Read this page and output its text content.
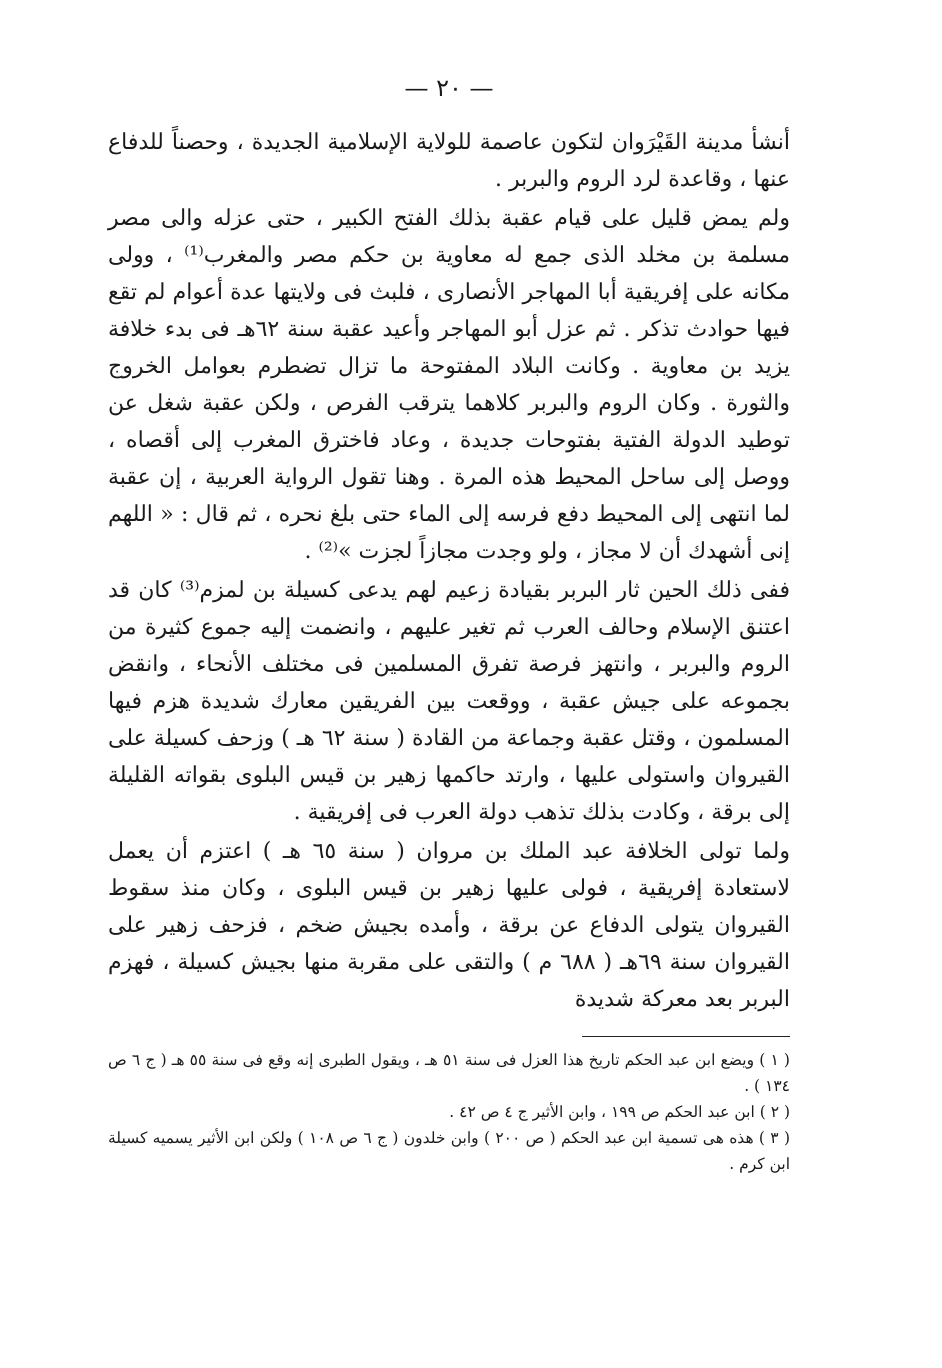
— ٢٠ —

أنشأ مدينة القَيْرَوان لتكون عاصمة للولاية الإسلامية الجديدة ، وحصناً للدفاع عنها ، وقاعدة لرد الروم والبربر .

ولم يمض قليل على قيام عقبة بذلك الفتح الكبير ، حتى عزله والى مصر مسلمة بن مخلد الذى جمع له معاوية بن حكم مصر والمغرب⁽¹⁾ ، وولى مكانه على إفريقية أبا المهاجر الأنصارى ، فلبث فى ولايتها عدة أعوام لم تقع فيها حوادث تذكر . ثم عزل أبو المهاجر وأعيد عقبة سنة ٦٢هـ فى بدء خلافة يزيد بن معاوية . وكانت البلاد المفتوحة ما تزال تضطرم بعوامل الخروج والثورة . وكان الروم والبربر كلاهما يترقب الفرص ، ولكن عقبة شغل عن توطيد الدولة الفتية بفتوحات جديدة ، وعاد فاخترق المغرب إلى أقصاه ، ووصل إلى ساحل المحيط هذه المرة . وهنا تقول الرواية العربية ، إن عقبة لما انتهى إلى المحيط دفع فرسه إلى الماء حتى بلغ نحره ، ثم قال : « اللهم إنى أشهدك أن لا مجاز ، ولو وجدت مجازاً لجزت »⁽²⁾ .

ففى ذلك الحين ثار البربر بقيادة زعيم لهم يدعى كسيلة بن لمزم⁽³⁾ كان قد اعتنق الإسلام وحالف العرب ثم تغير عليهم ، وانضمت إليه جموع كثيرة من الروم والبربر ، وانتهز فرصة تفرق المسلمين فى مختلف الأنحاء ، وانقض بجموعه على جيش عقبة ، ووقعت بين الفريقين معارك شديدة هزم فيها المسلمون ، وقتل عقبة وجماعة من القادة ( سنة ٦٢ هـ ) وزحف كسيلة على القيروان واستولى عليها ، وارتد حاكمها زهير بن قيس البلوى بقواته القليلة إلى برقة ، وكادت بذلك تذهب دولة العرب فى إفريقية .

ولما تولى الخلافة عبد الملك بن مروان ( سنة ٦٥ هـ ) اعتزم أن يعمل لاستعادة إفريقية ، فولى عليها زهير بن قيس البلوى ، وكان منذ سقوط القيروان يتولى الدفاع عن برقة ، وأمده بجيش ضخم ، فزحف زهير على القيروان سنة ٦٩هـ ( ٦٨٨ م ) والتقى على مقربة منها بجيش كسيلة ، فهزم البربر بعد معركة شديدة

( ١ ) ويضع ابن عبد الحكم تاريخ هذا العزل فى سنة ٥١ هـ ، ويقول الطبرى إنه وقع فى سنة ٥٥ هـ ( ج ٦ ص ١٣٤ ) .

( ٢ ) ابن عبد الحكم ص ١٩٩ ، وابن الأثير ج ٤ ص ٤٢ .

( ٣ ) هذه هى تسمية ابن عبد الحكم ( ص ٢٠٠ ) وابن خلدون ( ج ٦ ص ١٠٨ ) ولكن ابن الأثير يسميه كسيلة ابن كرم .
